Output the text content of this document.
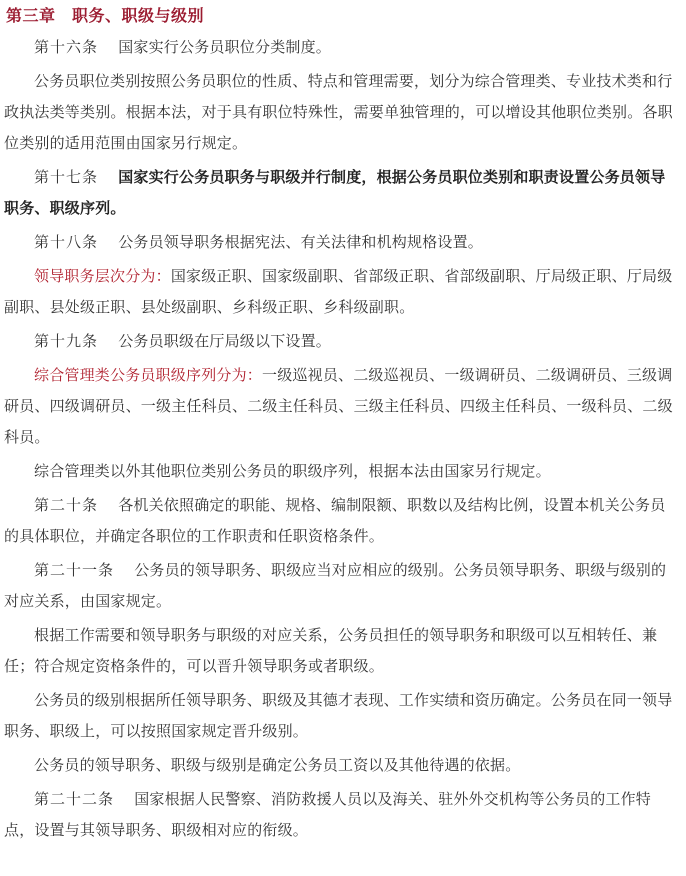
第三章　职务、职级与级别

第十六条　 国家实行公务员职位分类制度。

公务员职位类别按照公务员职位的性质、特点和管理需要，划分为综合管理类、专业技术类和行政执法类等类别。根据本法，对于具有职位特殊性，需要单独管理的，可以增设其他职位类别。各职位类别的适用范围由国家另行规定。

第十七条　 国家实行公务员职务与职级并行制度，根据公务员职位类别和职责设置公务员领导职务、职级序列。

第十八条　 公务员领导职务根据宪法、有关法律和机构规格设置。

领导职务层次分为：国家级正职、国家级副职、省部级正职、省部级副职、厅局级正职、厅局级副职、县处级正职、县处级副职、乡科级正职、乡科级副职。

第十九条　 公务员职级在厅局级以下设置。

综合管理类公务员职级序列分为：一级巡视员、二级巡视员、一级调研员、二级调研员、三级调研员、四级调研员、一级主任科员、二级主任科员、三级主任科员、四级主任科员、一级科员、二级科员。

综合管理类以外其他职位类别公务员的职级序列，根据本法由国家另行规定。

第二十条　 各机关依照确定的职能、规格、编制限额、职数以及结构比例，设置本机关公务员的具体职位，并确定各职位的工作职责和任职资格条件。

第二十一条　 公务员的领导职务、职级应当对应相应的级别。公务员领导职务、职级与级别的对应关系，由国家规定。

根据工作需要和领导职务与职级的对应关系，公务员担任的领导职务和职级可以互相转任、兼任；符合规定资格条件的，可以晋升领导职务或者职级。

公务员的级别根据所任领导职务、职级及其德才表现、工作实绩和资历确定。公务员在同一领导职务、职级上，可以按照国家规定晋升级别。

公务员的领导职务、职级与级别是确定公务员工资以及其他待遇的依据。

第二十二条　 国家根据人民警察、消防救援人员以及海关、驻外外交机构等公务员的工作特点，设置与其领导职务、职级相对应的衔级。
